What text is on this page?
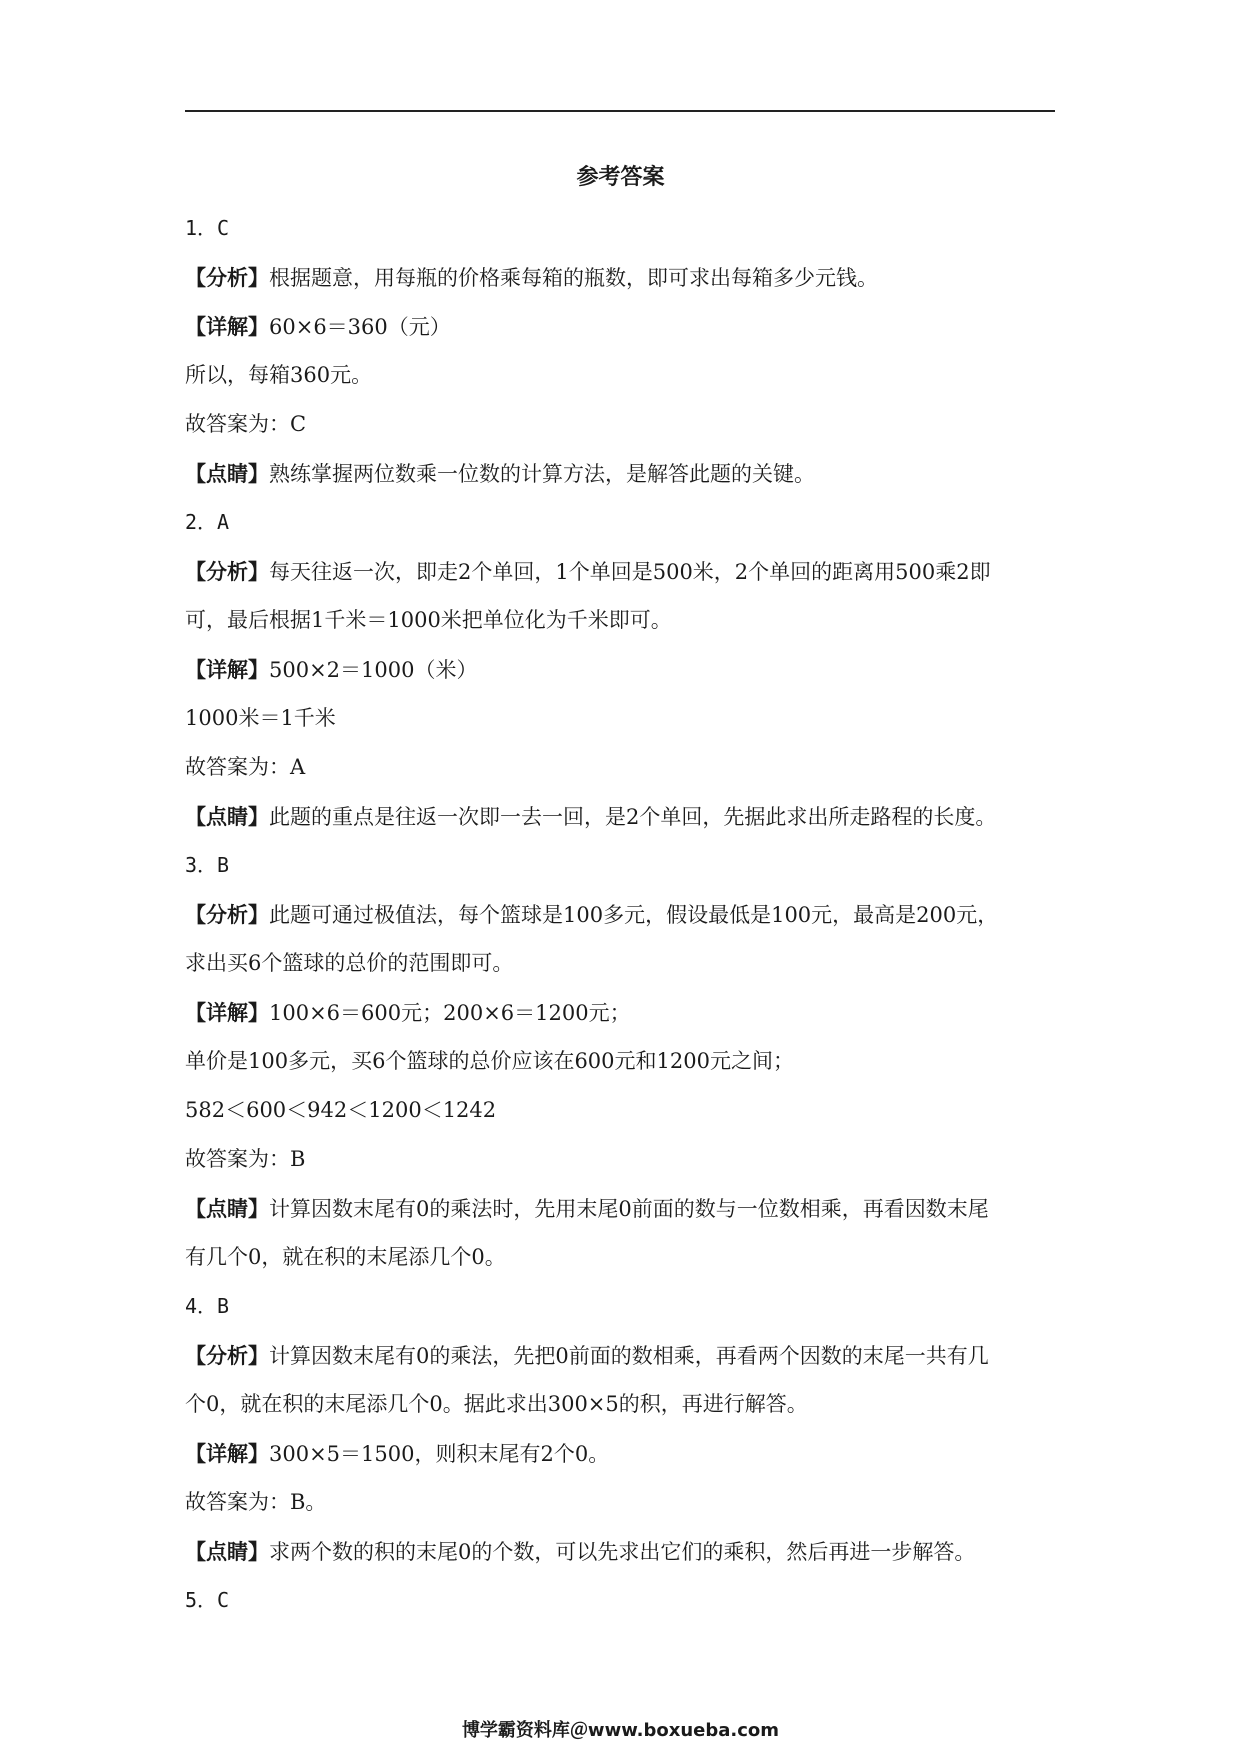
参考答案
1．C
【分析】根据题意，用每瓶的价格乘每箱的瓶数，即可求出每箱多少元钱。
【详解】60×6＝360（元）
所以，每箱360元。
故答案为：C
【点睛】熟练掌握两位数乘一位数的计算方法，是解答此题的关键。
2．A
【分析】每天往返一次，即走2个单回，1个单回是500米，2个单回的距离用500乘2即
可，最后根据1千米＝1000米把单位化为千米即可。
【详解】500×2＝1000（米）
1000米＝1千米
故答案为：A
【点睛】此题的重点是往返一次即一去一回，是2个单回，先据此求出所走路程的长度。
3．B
【分析】此题可通过极值法，每个篮球是100多元，假设最低是100元，最高是200元，
求出买6个篮球的总价的范围即可。
【详解】100×6＝600元；200×6＝1200元；
单价是100多元，买6个篮球的总价应该在600元和1200元之间；
582＜600＜942＜1200＜1242
故答案为：B
【点睛】计算因数末尾有0的乘法时，先用末尾0前面的数与一位数相乘，再看因数末尾
有几个0，就在积的末尾添几个0。
4．B
【分析】计算因数末尾有0的乘法，先把0前面的数相乘，再看两个因数的末尾一共有几
个0，就在积的末尾添几个0。据此求出300×5的积，再进行解答。
【详解】300×5＝1500，则积末尾有2个0。
故答案为：B。
【点睛】求两个数的积的末尾0的个数，可以先求出它们的乘积，然后再进一步解答。
5．C
博学霸资料库＠www.boxueba.com
